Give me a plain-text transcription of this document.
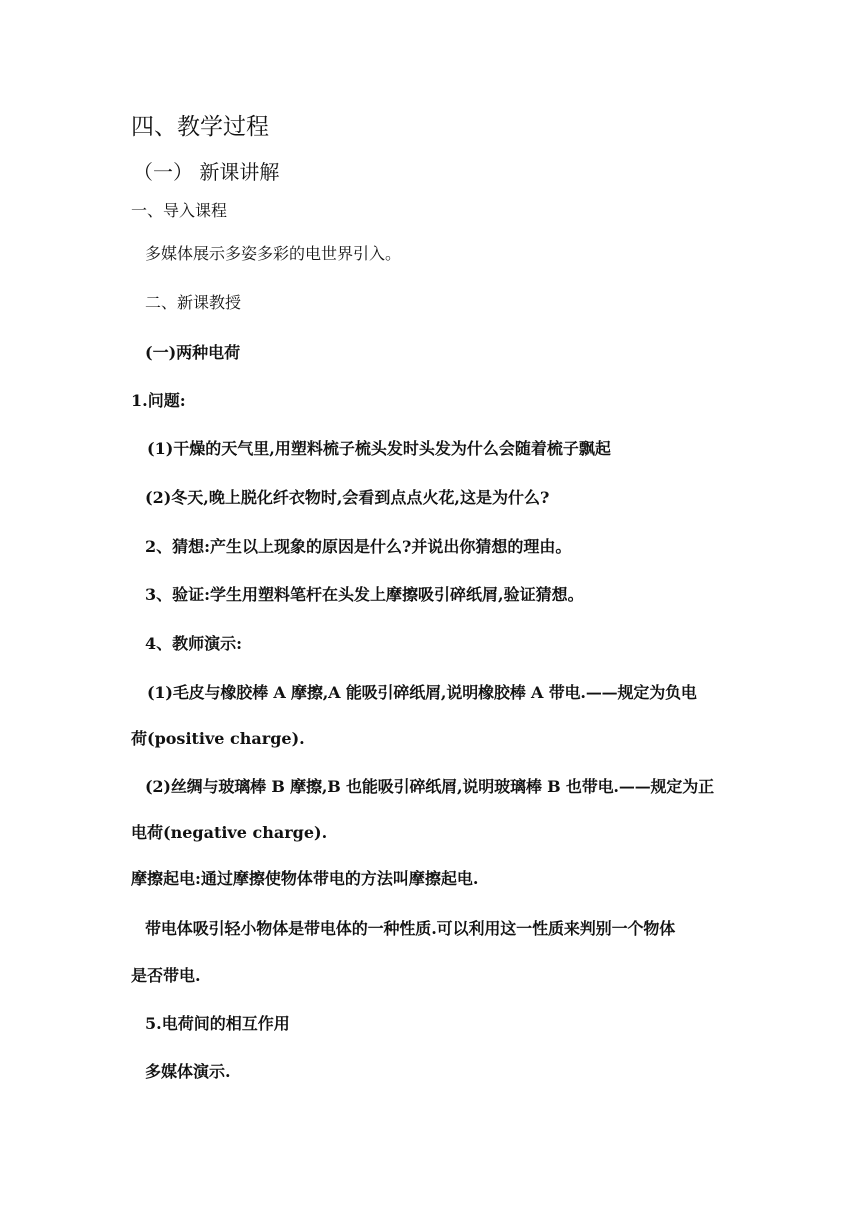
四、教学过程
（一） 新课讲解
一、导入课程
多媒体展示多姿多彩的电世界引入。
二、新课教授
(一)两种电荷
1.问题:
(1)干燥的天气里,用塑料梳子梳头发时头发为什么会随着梳子飘起
(2)冬天,晚上脱化纤衣物时,会看到点点火花,这是为什么?
2、猜想:产生以上现象的原因是什么?并说出你猜想的理由。
3、验证:学生用塑料笔杆在头发上摩擦吸引碎纸屑,验证猜想。
4、教师演示:
(1)毛皮与橡胶棒 A 摩擦,A 能吸引碎纸屑,说明橡胶棒 A 带电.——规定为负电
荷(positive charge).
(2)丝绸与玻璃棒 B 摩擦,B 也能吸引碎纸屑,说明玻璃棒 B 也带电.——规定为正
电荷(negative charge).
摩擦起电:通过摩擦使物体带电的方法叫摩擦起电.
带电体吸引轻小物体是带电体的一种性质.可以利用这一性质来判别一个物体
是否带电.
5.电荷间的相互作用
多媒体演示.
